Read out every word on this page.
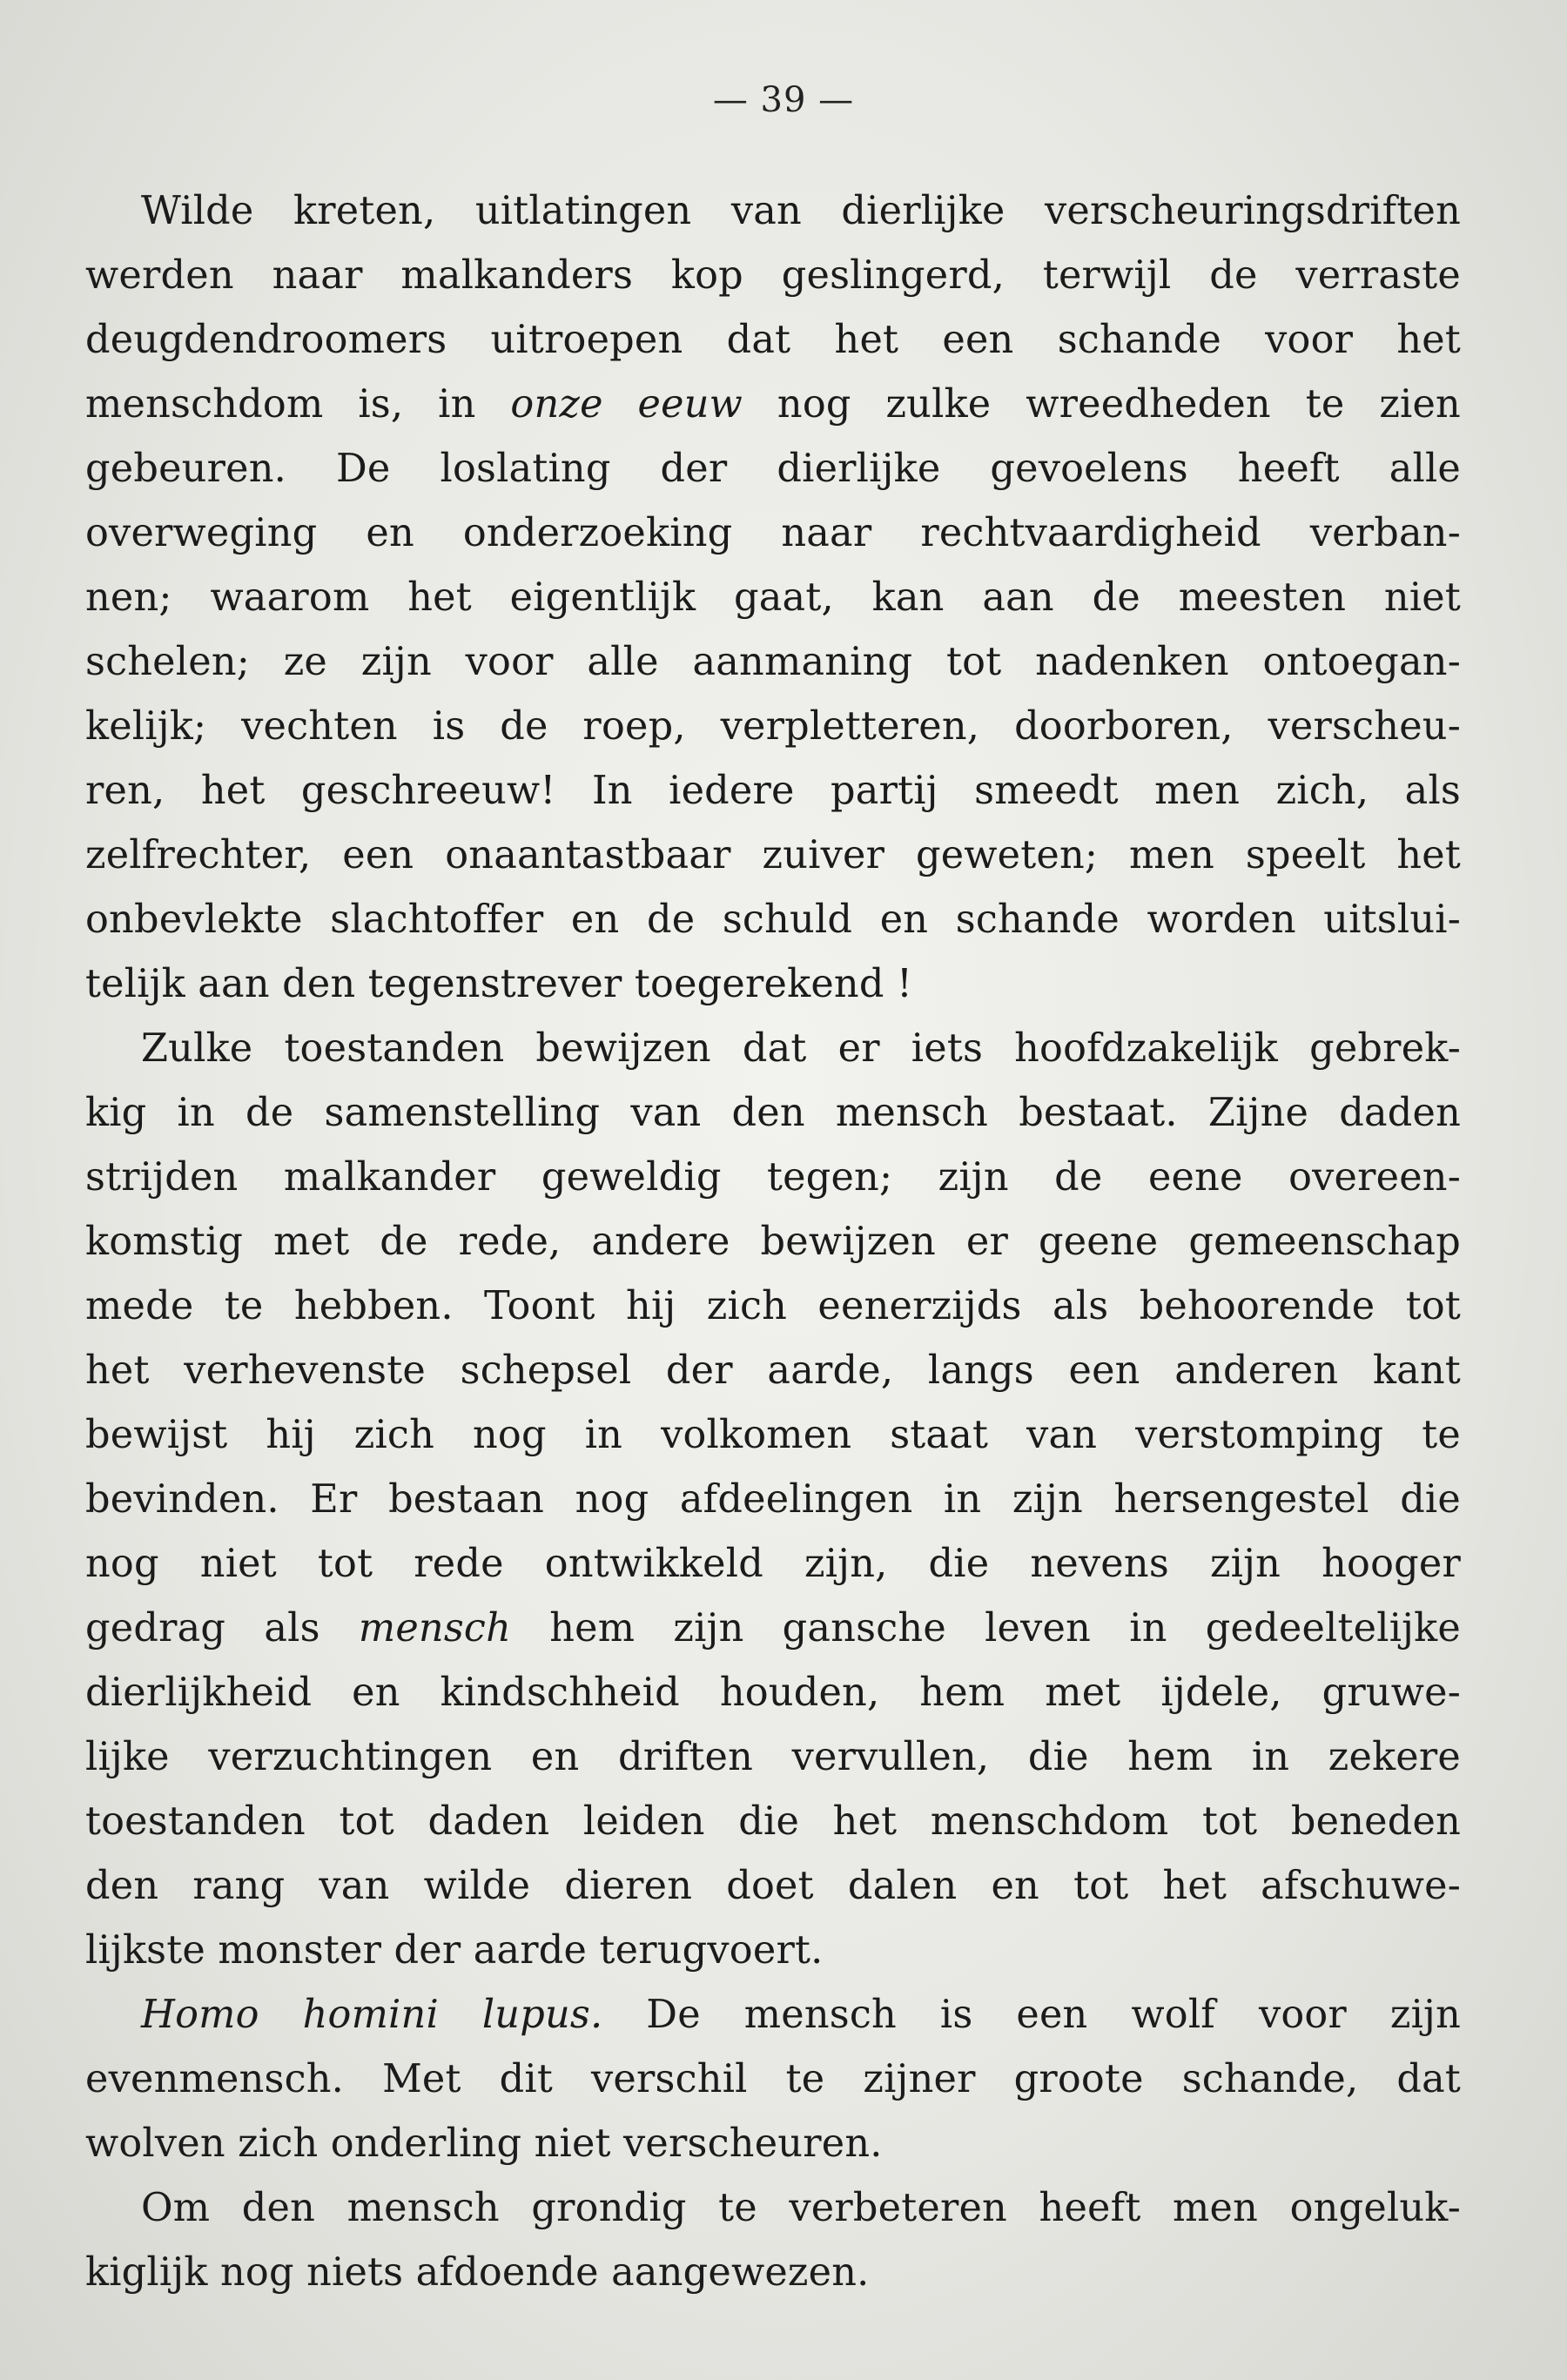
— 39 —

Wilde kreten, uitlatingen van dierlijke verscheuringsdriften
werden naar malkanders kop geslingerd, terwijl de verraste
deugdendroomers uitroepen dat het een schande voor het
menschdom is, in onze eeuw nog zulke wreedheden te zien
gebeuren. De loslating der dierlijke gevoelens heeft alle
overweging en onderzoeking naar rechtvaardigheid verban-
nen; waarom het eigentlijk gaat, kan aan de meesten niet
schelen; ze zijn voor alle aanmaning tot nadenken ontoegan-
kelijk; vechten is de roep, verpletteren, doorboren, verscheu-
ren, het geschreeuw! In iedere partij smeedt men zich, als
zelfrechter, een onaantastbaar zuiver geweten; men speelt het
onbevlekte slachtoffer en de schuld en schande worden uitslui-
telijk aan den tegenstrever toegerekend !

Zulke toestanden bewijzen dat er iets hoofdzakelijk gebrek-
kig in de samenstelling van den mensch bestaat. Zijne daden
strijden malkander geweldig tegen; zijn de eene overeen-
komstig met de rede, andere bewijzen er geene gemeenschap
mede te hebben. Toont hij zich eenerzijds als behoorende tot
het verhevenste schepsel der aarde, langs een anderen kant
bewijst hij zich nog in volkomen staat van verstomping te
bevinden. Er bestaan nog afdeelingen in zijn hersengestel die
nog niet tot rede ontwikkeld zijn, die nevens zijn hooger
gedrag als mensch hem zijn gansche leven in gedeeltelijke
dierlijkheid en kindschheid houden, hem met ijdele, gruwe-
lijke verzuchtingen en driften vervullen, die hem in zekere
toestanden tot daden leiden die het menschdom tot beneden
den rang van wilde dieren doet dalen en tot het afschuwe-
lijkste monster der aarde terugvoert.

Homo homini lupus. De mensch is een wolf voor zijn
evenmensch. Met dit verschil te zijner groote schande, dat
wolven zich onderling niet verscheuren.

Om den mensch grondig te verbeteren heeft men ongeluk-
kiglijk nog niets afdoende aangewezen.
